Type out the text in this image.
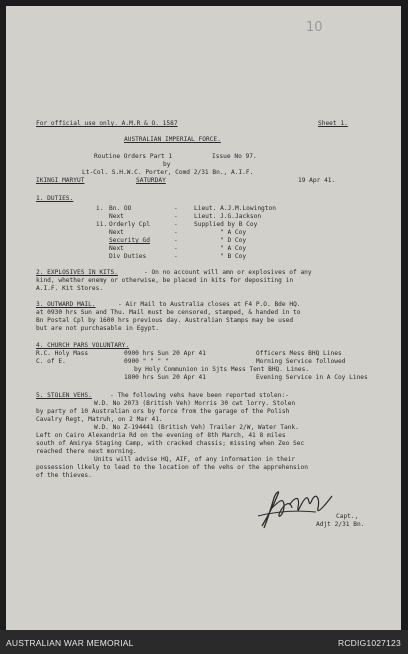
10
For official use only. A.M.R & O. 1587	Sheet 1.
AUSTRALIAN IMPERIAL FORCE.
Routine Orders Part 1	Issue No 97.
by
Lt-Col. S.H.W.C. Porter, Comd 2/31 Bn., A.I.F.
IKINGI MARYUT	SATURDAY	19 Apr 41.
1. DUTIES.
i. Bn. OO	-	Lieut. A.J.M.Lowington
Next	-	Lieut. J.G.Jackson
ii. Orderly Cpl	-	Supplied by B Coy
Next	-	" A Coy
Security Gd	-	" D Coy
Next	-	" A Coy
Div Duties	-	" B Coy
2. EXPLOSIVES IN KITS.	- On no account will amn or explosives of any
kind, whether enemy or otherwise, be placed in kits for depositing in
A.I.F. Kit Stores.
3. OUTWARD MAIL.	- Air Mail to Australia closes at F4 P.O. Bde HQ.
at 0930 hrs Sun and Thu. Mail must be censored, stamped, & handed in to
Bn Postal Cpl by 1600 hrs previous day. Australian Stamps may be used
but are not purchasable in Egypt.
4. CHURCH PARS VOLUNTARY.
R.C. Holy Mass	0900 hrs Sun 20 Apr 41	Officers Mess BHQ Lines
C. of E.	0900 " " " "	Morning Service followed
by Holy Communion in Sjts Mess Tent BHQ. Lines.
1800 hrs Sun 20 Apr 41	Evening Service in A Coy Lines
5. STOLEN VEHS.	- The following vehs have been reported stolen:-
W.D. No 2073 (British Veh) Morris 30 cwt lorry. Stolen
by party of 10 Australian ors by force from the garage of the Polish
Cavalry Regt, Matruh, on 2 Mar 41.
W.D. No Z-194441 (British Veh) Trailer 2/W, Water Tank.
Left on Cairo Alexandria Rd on the evening of 8th March, 41 8 miles
south of Amirya Staging Camp, with cracked chassis; missing when Zeo Sec
reached there next morning.
Units will advise HQ, AIF, of any information in their
possession likely to lead to the location of the vehs or the apprehension
of the thieves.
Capt.,
Adjt 2/31 Bn.
AUSTRALIAN WAR MEMORIAL	RCDIG1027123
